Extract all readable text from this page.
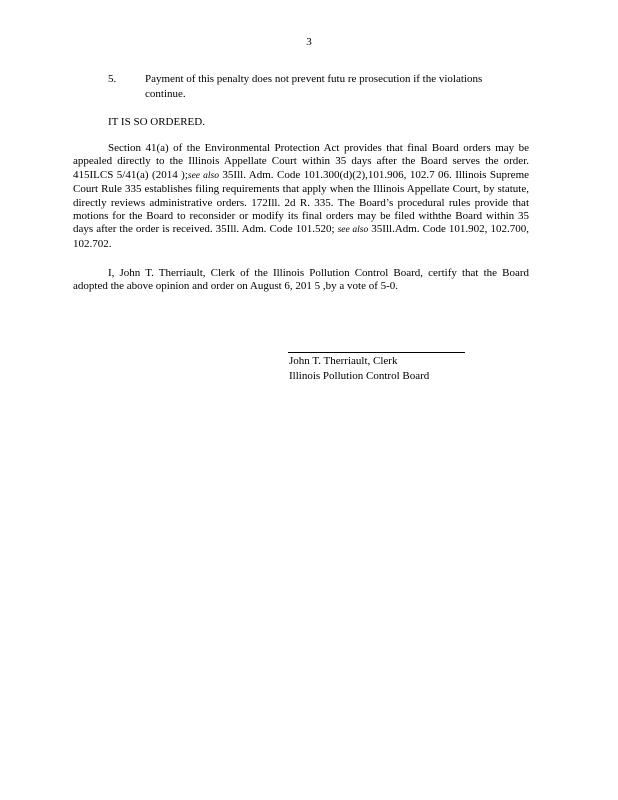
3
5.	Payment of this penalty does not prevent futu re prosecution if the violations continue.
IT IS SO ORDERED.
Section 41(a) of the Environmental Protection Act provides that final Board orders may be appealed directly to the Illinois Appellate Court within 35 days after the Board serves the order. 415ILCS 5/41(a) (2014 );see also 35Ill. Adm. Code 101.300(d)(2),101.906, 102.7 06. Illinois Supreme Court Rule 335 establishes filing requirements that apply when the Illinois Appellate Court, by statute, directly reviews administrative orders. 172Ill. 2d R. 335. The Board’s procedural rules provide that motions for the Board to reconsider or modify its final orders may be filed withthe Board within 35 days after the order is received. 35Ill. Adm. Code 101.520; see also 35Ill.Adm. Code 101.902, 102.700, 102.702.
I, John T. Therriault, Clerk of the Illinois Pollution Control Board, certify that the Board adopted the above opinion and order on August 6, 201 5 ,by a vote of 5-0.
John T. Therriault, Clerk
Illinois Pollution Control Board
